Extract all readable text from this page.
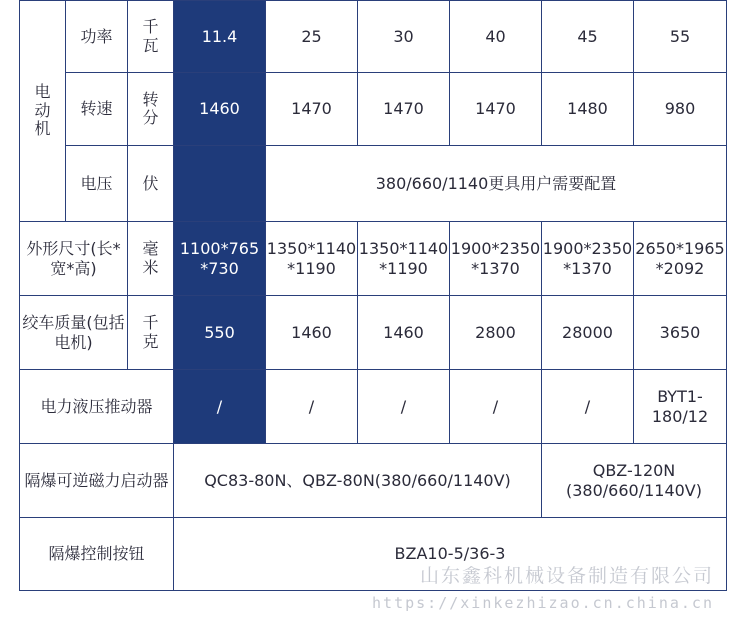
电动机	功率	千瓦	11.4	25	30	40	45	55
	转速	转分	1460	1470	1470	1470	1480	980
	电压	伏		380/660/1140更具用户需要配置				
外形尺寸(长*宽*高)		毫米	1100*765 *730	1350*1140 *1190	1350*1140 *1190	1900*2350 *1370	1900*2350 *1370	2650*1965 *2092
绞车质量(包括电机)		千克	550	1460	1460	2800	28000	3650
电力液压推动器			/	/	/	/	/	BYT1-180/12
隔爆可逆磁力启动器			QC83-80N、QBZ-80N(380/660/1140V)				QBZ-120N (380/660/1140V)	
隔爆控制按钮			BZA10-5/36-3					
山东鑫科机械设备制造有限公司
https://xinkezhizao.cn.china.cn
